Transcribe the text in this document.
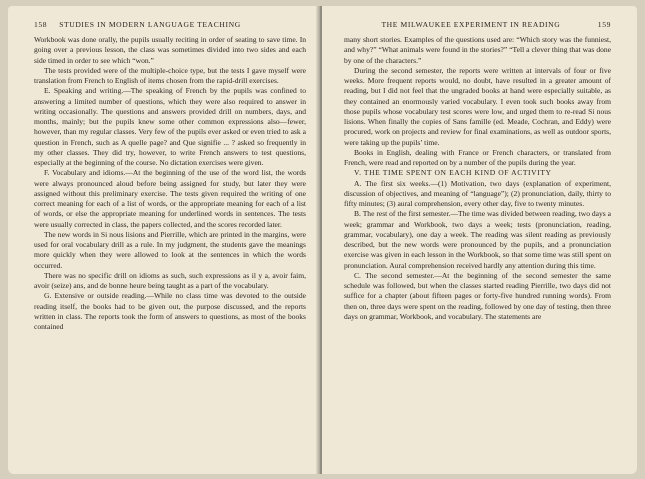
158 STUDIES IN MODERN LANGUAGE TEACHING

Workbook was done orally, the pupils usually reciting in order of seating to save time. In going over a previous lesson, the class was sometimes divided into two sides and each side timed in order to see which “won.”

The tests provided were of the multiple-choice type, but the tests I gave myself were translation from French to English of items chosen from the rapid-drill exercises.

E. Speaking and writing.—The speaking of French by the pupils was confined to answering a limited number of questions, which they were also required to answer in writing occasionally. The questions and answers provided drill on numbers, days, and months, mainly; but the pupils knew some other common expressions also—fewer, however, than my regular classes. Very few of the pupils ever asked or even tried to ask a question in French, such as A quelle page? and Que signifie ... ? asked so frequently in my other classes. They did try, however, to write French answers to test questions, especially at the beginning of the course. No dictation exercises were given.

F. Vocabulary and idioms.—At the beginning of the use of the word list, the words were always pronounced aloud before being assigned for study, but later they were assigned without this preliminary exercise. The tests given required the writing of one correct meaning for each of a list of words, or the appropriate meaning for each of a list of words, or else the appropriate meaning for underlined words in sentences. The tests were usually corrected in class, the papers collected, and the scores recorded later.

The new words in Si nous lisions and Pierrille, which are printed in the margins, were used for oral vocabulary drill as a rule. In my judgment, the students gave the meanings more quickly when they were allowed to look at the sentences in which the words occurred.

There was no specific drill on idioms as such, such expressions as il y a, avoir faim, avoir (seize) ans, and de bonne heure being taught as a part of the vocabulary.

G. Extensive or outside reading.—While no class time was devoted to the outside reading itself, the books had to be given out, the purpose discussed, and the reports written in class. The reports took the form of answers to questions, as most of the books contained

THE MILWAUKEE EXPERIMENT IN READING	159

many short stories. Examples of the questions used are: “Which story was the funniest, and why?” “What animals were found in the stories?” “Tell a clever thing that was done by one of the characters.”

During the second semester, the reports were written at intervals of four or five weeks. More frequent reports would, no doubt, have resulted in a greater amount of reading, but I did not feel that the ungraded books at hand were especially suitable, as they contained an enormously varied vocabulary. I even took such books away from those pupils whose vocabulary test scores were low, and urged them to re-read Si nous lisions. When finally the copies of Sans famille (ed. Meade, Cochran, and Eddy) were procured, work on projects and review for final examinations, as well as outdoor sports, were taking up the pupils’ time.

Books in English, dealing with France or French characters, or translated from French, were read and reported on by a number of the pupils during the year.

V. THE TIME SPENT ON EACH KIND OF ACTIVITY

A. The first six weeks.—(1) Motivation, two days (explanation of experiment, discussion of objectives, and meaning of “language”); (2) pronunciation, daily, thirty to fifty minutes; (3) aural comprehension, every other day, five to twenty minutes.

B. The rest of the first semester.—The time was divided between reading, two days a week; grammar and Workbook, two days a week; tests (pronunciation, reading, grammar, vocabulary), one day a week. The reading was silent reading as previously described, but the new words were pronounced by the pupils, and a pronunciation exercise was given in each lesson in the Workbook, so that some time was still spent on pronunciation. Aural comprehension received hardly any attention during this time.

C. The second semester.—At the beginning of the second semester the same schedule was followed, but when the classes started reading Pierrille, two days did not suffice for a chapter (about fifteen pages or forty-five hundred running words). From then on, three days were spent on the reading, followed by one day of testing, then three days on grammar, Workbook, and vocabulary. The statements are
